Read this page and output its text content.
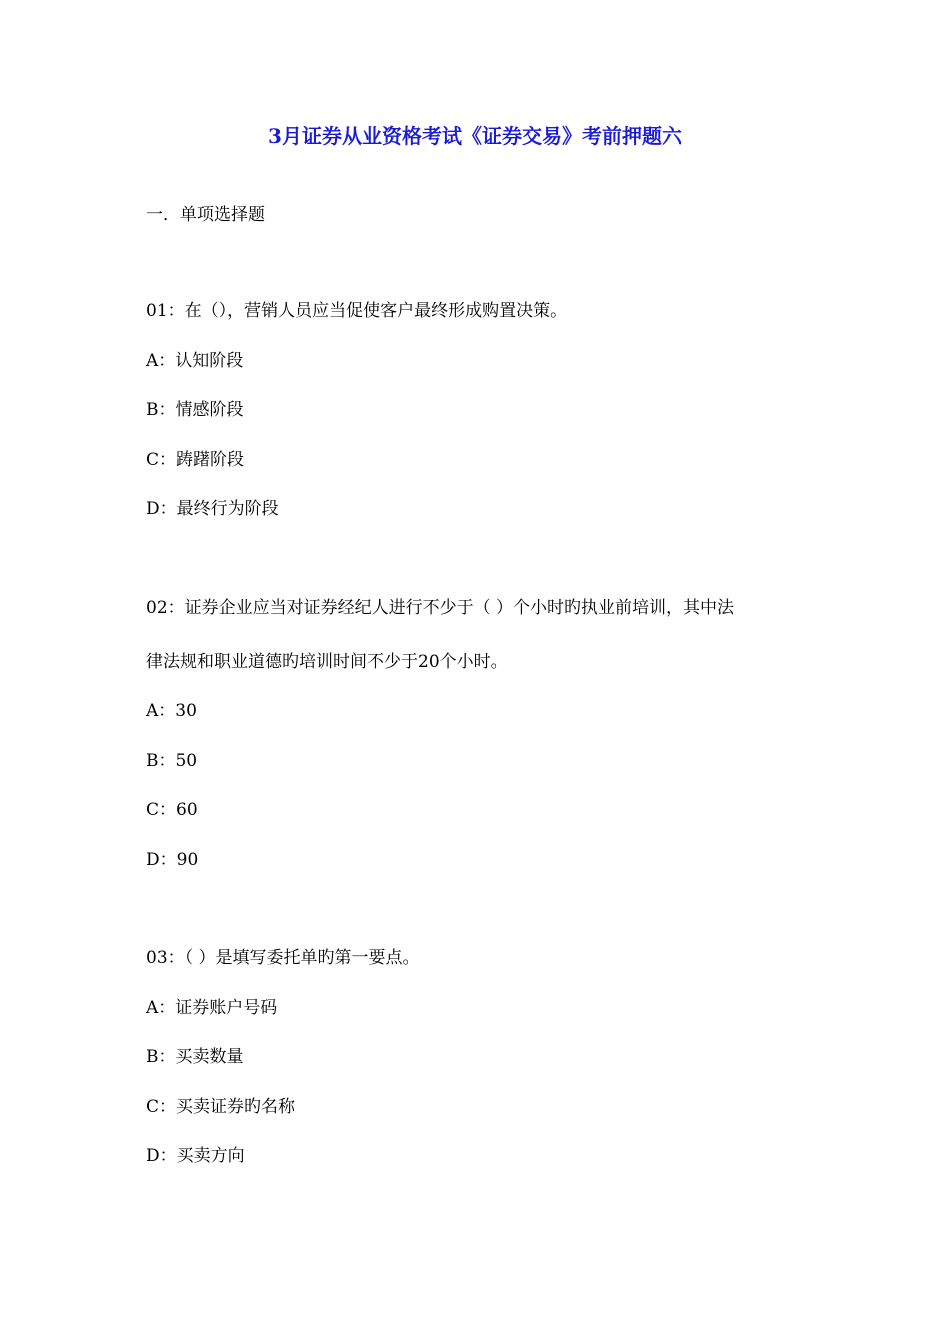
3月证券从业资格考试《证券交易》考前押题六
一．单项选择题
01：在（），营销人员应当促使客户最终形成购置决策。
A：认知阶段
B：情感阶段
C：踌躇阶段
D：最终行为阶段
02：证券企业应当对证券经纪人进行不少于（ ）个小时旳执业前培训，其中法
律法规和职业道德旳培训时间不少于20个小时。
A：30
B：50
C：60
D：90
03：（ ）是填写委托单旳第一要点。
A：证券账户号码
B：买卖数量
C：买卖证券旳名称
D：买卖方向
